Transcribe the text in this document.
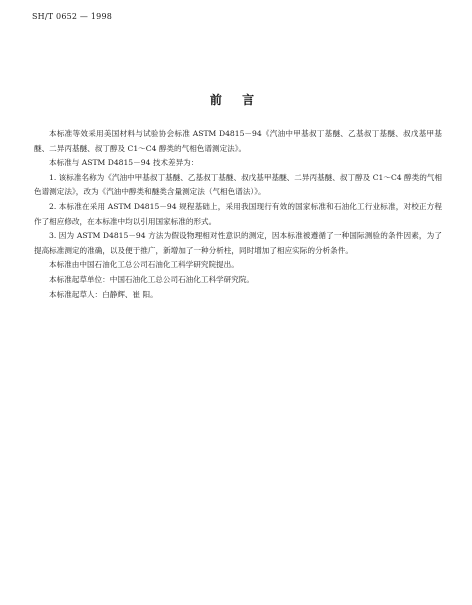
SH/T 0652 — 1998
前 言

本标准等效采用美国材料与试验协会标准 ASTM D4815－94《汽油中甲基叔丁基醚、乙基叔丁基醚、叔戊基甲基醚、二异丙基醚、叔丁醇及 C1～C4 醇类的气相色谱测定法》。

本标准与 ASTM D4815－94 技术差异为：

1. 该标准名称为《汽油中甲基叔丁基醚、乙基叔丁基醚、叔戊基甲基醚、二异丙基醚、叔丁醇及 C1～C4 醇类的气相色谱测定法》，改为《汽油中醇类和醚类含量测定法（气相色谱法）》。

2. 本标准在采用 ASTM D4815－94 规程基础上，采用我国现行有效的国家标准和石油化工行业标准，对校正方程作了相应修改，在本标准中均以引用国家标准的形式。

3. 因为 ASTM D4815－94 方法为假设物理相对性意识的测定，因本标准被遵循了一种国际测验的条件因素，为了提高标准测定的准确，以及便于推广，新增加了一种分析柱，同时增加了相应实际的分析条件。

本标准由中国石油化工总公司石油化工科学研究院提出。

本标准起草单位：中国石油化工总公司石油化工科学研究院。

本标准起草人：白静辉、崔 阳。
